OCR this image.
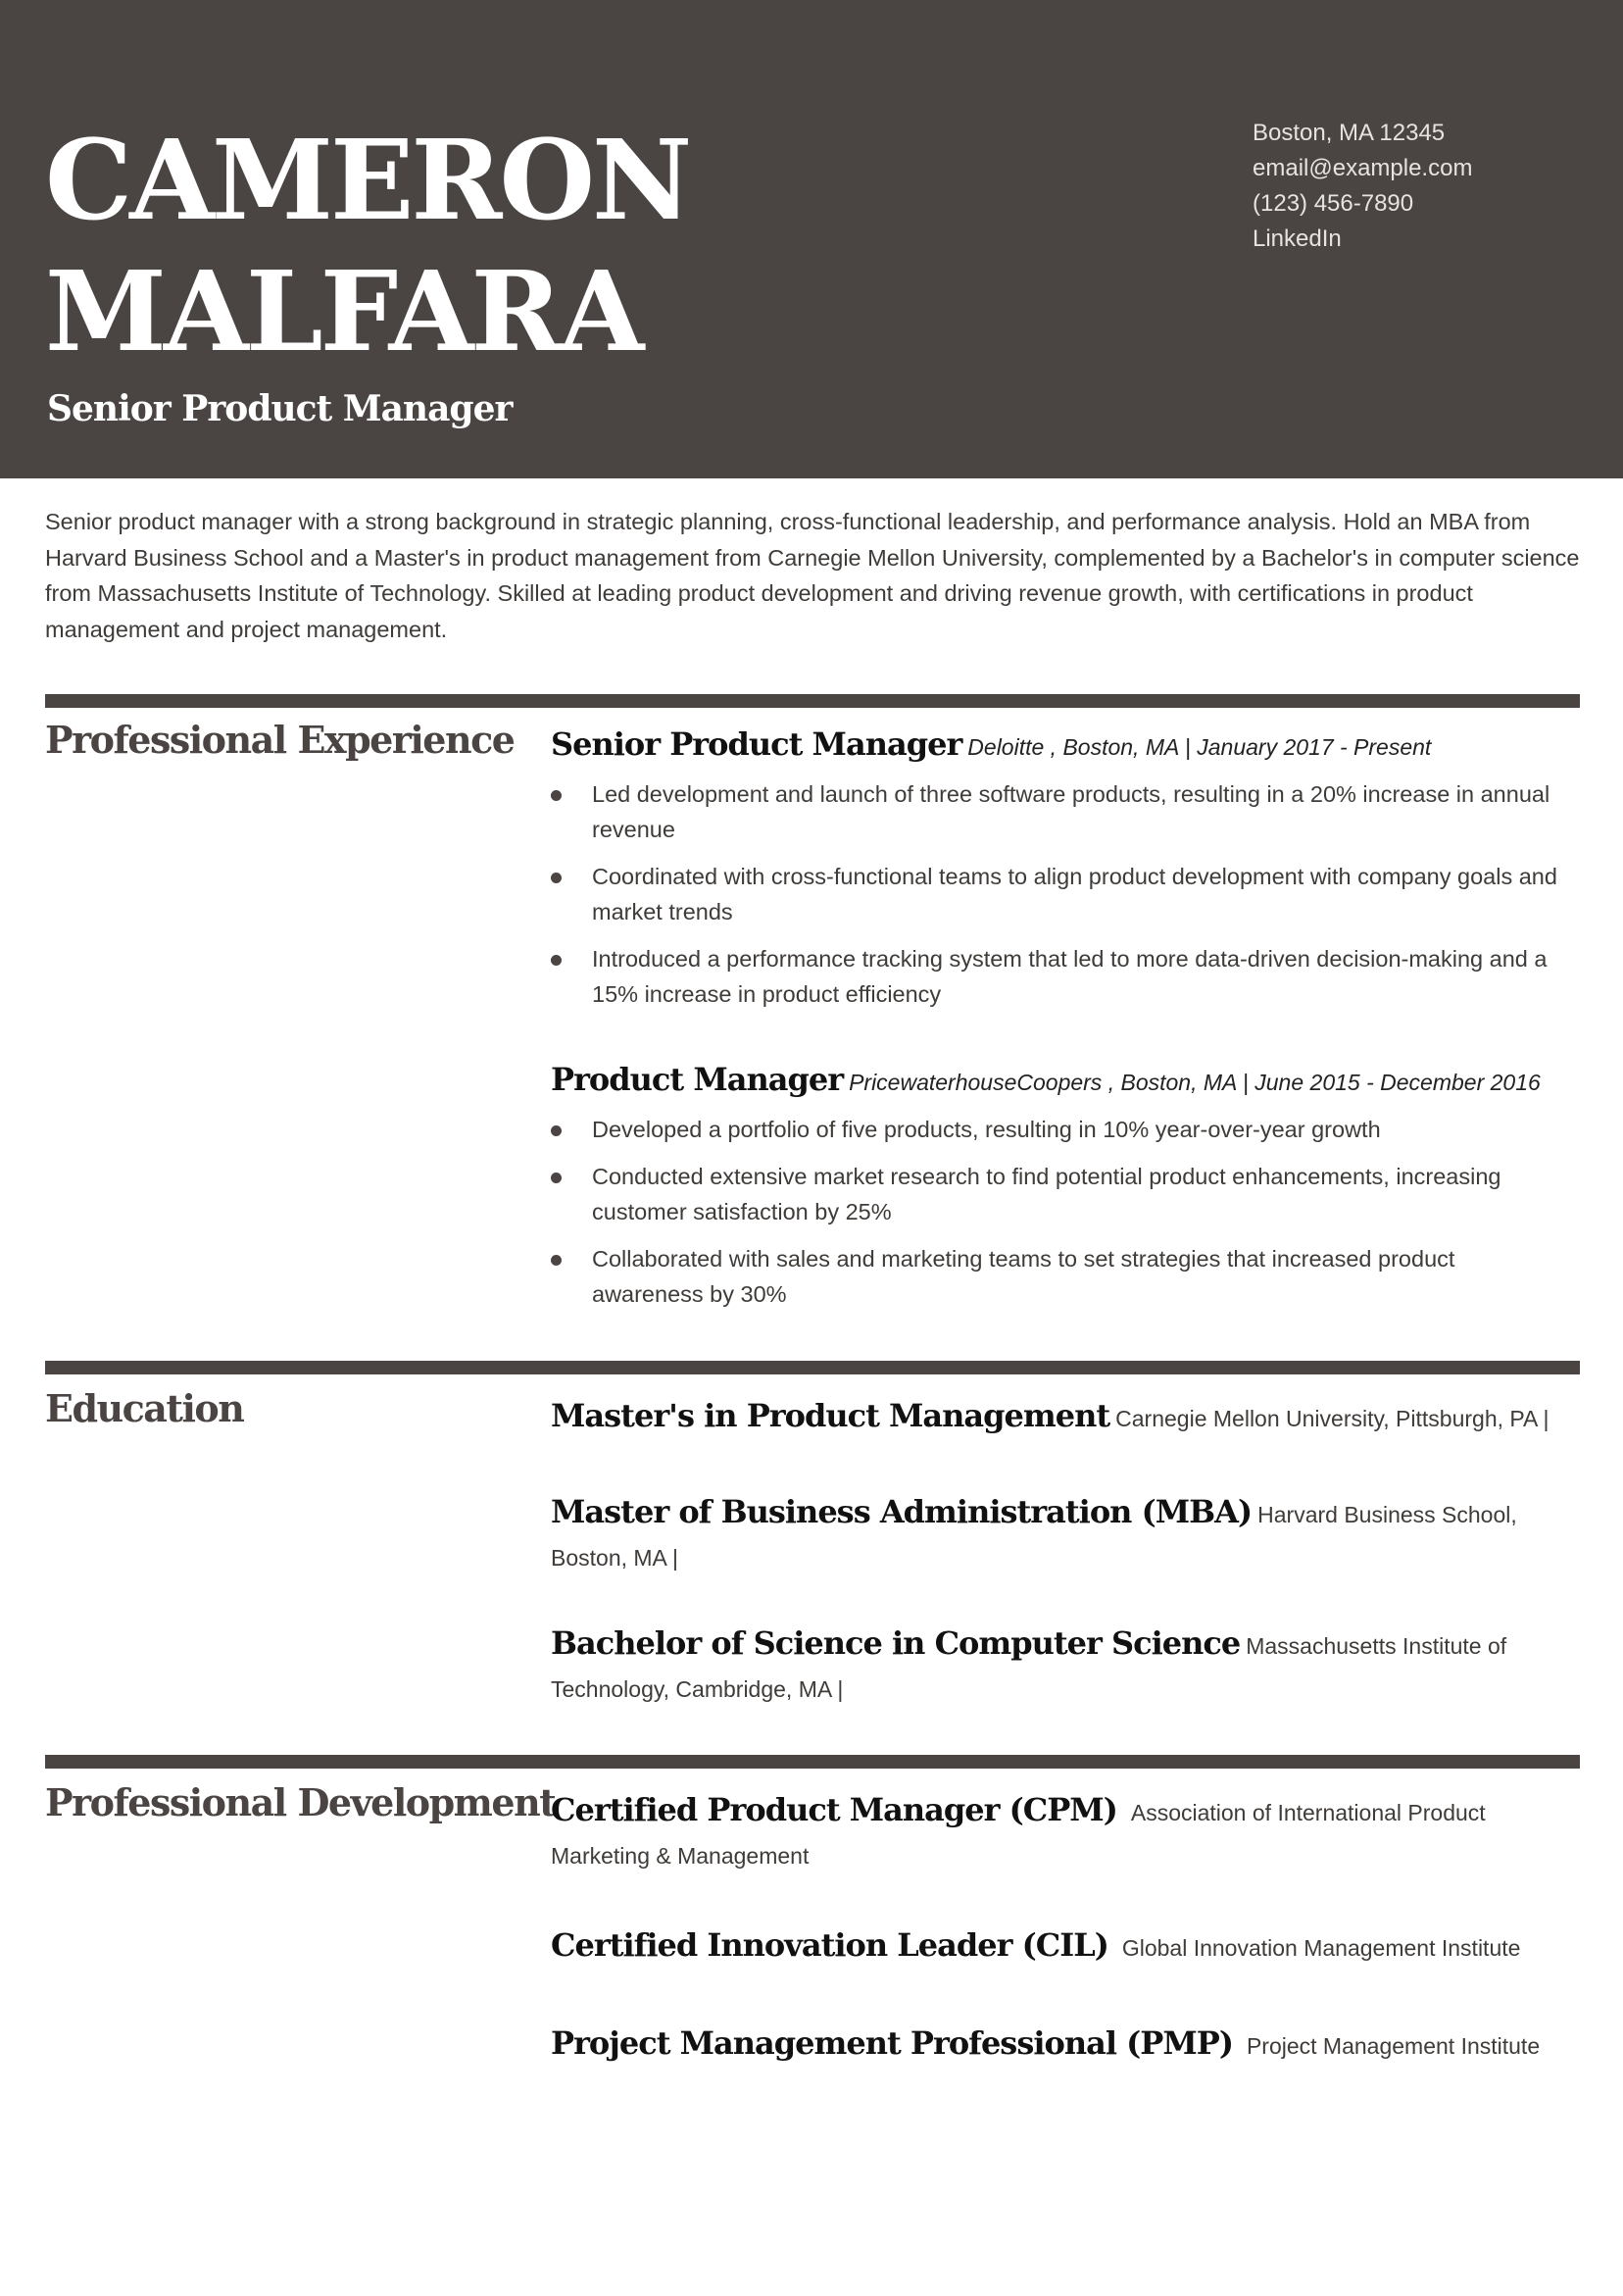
CAMERON
MALFARA
Senior Product Manager
Boston, MA 12345
email@example.com
(123) 456-7890
LinkedIn
Senior product manager with a strong background in strategic planning, cross-functional leadership, and performance analysis. Hold an MBA from Harvard Business School and a Master's in product management from Carnegie Mellon University, complemented by a Bachelor's in computer science from Massachusetts Institute of Technology. Skilled at leading product development and driving revenue growth, with certifications in product management and project management.
Professional Experience Senior Product Manager Deloitte , Boston, MA | January 2017 - Present
Led development and launch of three software products, resulting in a 20% increase in annual revenue
Coordinated with cross-functional teams to align product development with company goals and market trends
Introduced a performance tracking system that led to more data-driven decision-making and a 15% increase in product efficiency
Product Manager PricewaterhouseCoopers , Boston, MA | June 2015 - December 2016
Developed a portfolio of five products, resulting in 10% year-over-year growth
Conducted extensive market research to find potential product enhancements, increasing customer satisfaction by 25%
Collaborated with sales and marketing teams to set strategies that increased product awareness by 30%
Education	Master's in Product Management Carnegie Mellon University, Pittsburgh, PA |
Master of Business Administration (MBA) Harvard Business School, Boston, MA |
Bachelor of Science in Computer Science Massachusetts Institute of Technology, Cambridge, MA |
Professional Development
Certified Product Manager (CPM) Association of International Product Marketing & Management
Certified Innovation Leader (CIL) Global Innovation Management Institute
Project Management Professional (PMP) Project Management Institute
